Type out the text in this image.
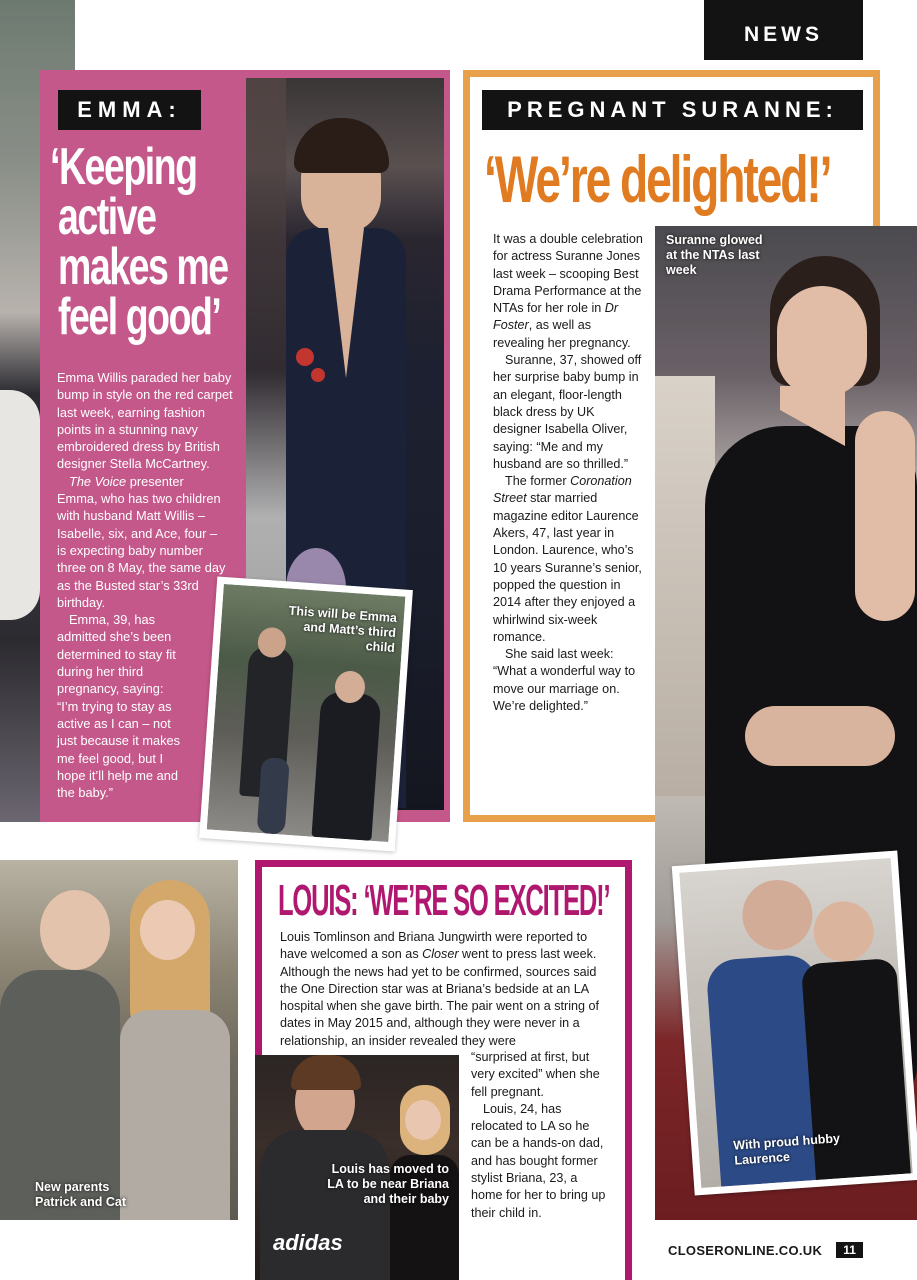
NEWS
EMMA:
‘Keeping
active
makes me
feel good’

Emma Willis paraded her baby bump in style on the red carpet last week, earning fashion points in a stunning navy embroidered dress by British designer Stella McCartney.

The Voice presenter Emma, who has two children with husband Matt Willis – Isabelle, six, and Ace, four – is expecting baby number three on 8 May, the same day as the Busted star’s 33rd birthday.

Emma, 39, has admitted she’s been determined to stay fit during her third pregnancy, saying: “I’m trying to stay as active as I can – not just because it makes me feel good, but I hope it’ll help me and the baby.”

This will be Emma and Matt’s third child
PREGNANT SURANNE:
‘We’re delighted!’

It was a double celebration for actress Suranne Jones last week – scooping Best Drama Performance at the NTAs for her role in Dr Foster, as well as revealing her pregnancy.

Suranne, 37, showed off her surprise baby bump in an elegant, floor-length black dress by UK designer Isabella Oliver, saying: “Me and my husband are so thrilled.”

The former Coronation Street star married magazine editor Laurence Akers, 47, last year in London. Laurence, who’s 10 years Suranne’s senior, popped the question in 2014 after they enjoyed a whirlwind six-week romance.

She said last week: “What a wonderful way to move our marriage on. We’re delighted.”

Suranne glowed at the NTAs last week
With proud hubby Laurence
New parents Patrick and Cat
LOUIS: ‘WE’RE SO EXCITED!’

Louis Tomlinson and Briana Jungwirth were reported to have welcomed a son as Closer went to press last week. Although the news had yet to be confirmed, sources said the One Direction star was at Briana’s bedside at an LA hospital when she gave birth. The pair went on a string of dates in May 2015 and, although they were never in a relationship, an insider revealed they were

“surprised at first, but very excited” when she fell pregnant.

Louis, 24, has relocated to LA so he can be a hands-on dad, and has bought former stylist Briana, 23, a home for her to bring up their child in.

adidas
Louis has moved to LA to be near Briana and their baby
CLOSERONLINE.CO.UK	11
